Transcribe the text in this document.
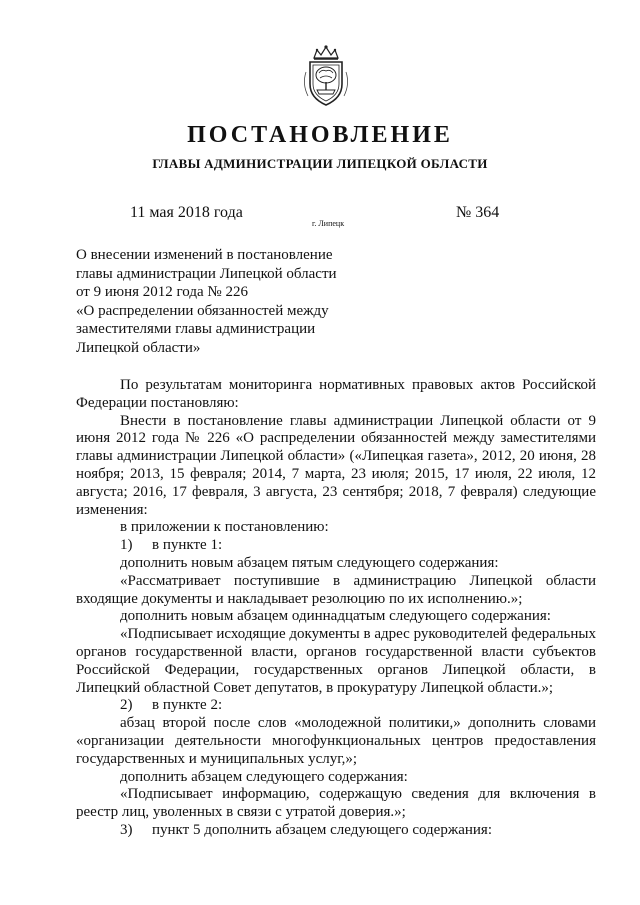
ПОСТАНОВЛЕНИЕ
ГЛАВЫ АДМИНИСТРАЦИИ ЛИПЕЦКОЙ ОБЛАСТИ
11 мая 2018 года
г. Липецк
№ 364
О внесении изменений в постановление
главы администрации Липецкой области
от 9 июня 2012 года № 226
«О распределении обязанностей между
заместителями главы администрации
Липецкой области»

По результатам мониторинга нормативных правовых актов Российской Федерации постановляю:

Внести в постановление главы администрации Липецкой области от 9 июня 2012 года № 226 «О распределении обязанностей между заместителями главы администрации Липецкой области» («Липецкая газета», 2012, 20 июня, 28 ноября; 2013, 15 февраля; 2014, 7 марта, 23 июля; 2015, 17 июля, 22 июля, 12 августа; 2016, 17 февраля, 3 августа, 23 сентября; 2018, 7 февраля) следующие изменения:

в приложении к постановлению:

1) в пункте 1:

дополнить новым абзацем пятым следующего содержания:

«Рассматривает поступившие в администрацию Липецкой области входящие документы и накладывает резолюцию по их исполнению.»;

дополнить новым абзацем одиннадцатым следующего содержания:

«Подписывает исходящие документы в адрес руководителей федеральных органов государственной власти, органов государственной власти субъектов Российской Федерации, государственных органов Липецкой области, в Липецкий областной Совет депутатов, в прокуратуру Липецкой области.»;

2) в пункте 2:

абзац второй после слов «молодежной политики,» дополнить словами «организации деятельности многофункциональных центров предоставления государственных и муниципальных услуг,»;

дополнить абзацем следующего содержания:

«Подписывает информацию, содержащую сведения для включения в реестр лиц, уволенных в связи с утратой доверия.»;

3) пункт 5 дополнить абзацем следующего содержания:
